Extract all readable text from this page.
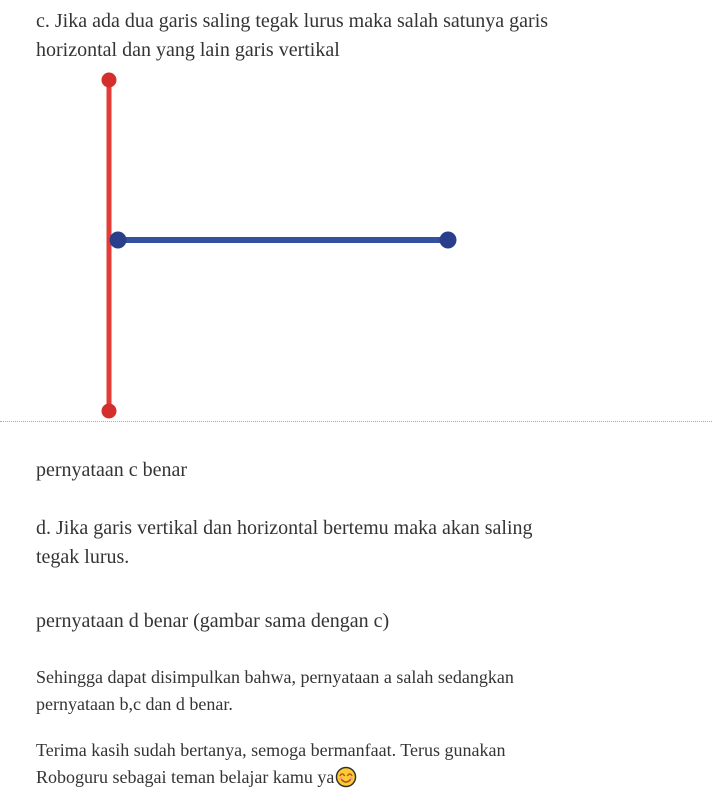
c. Jika ada dua garis saling tegak lurus maka salah satunya garis
horizontal dan yang lain garis vertikal

pernyataan c benar

d. Jika garis vertikal dan horizontal bertemu maka akan saling
tegak lurus.

pernyataan d benar (gambar sama dengan c)

Sehingga dapat disimpulkan bahwa, pernyataan a salah sedangkan
pernyataan b,c dan d benar.

Terima kasih sudah bertanya, semoga bermanfaat. Terus gunakan
Roboguru sebagai teman belajar kamu ya
